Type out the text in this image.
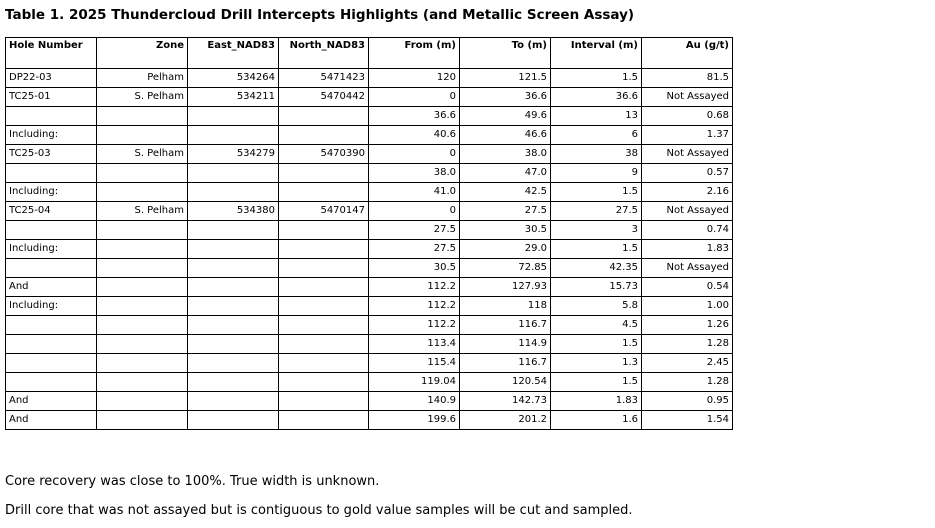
Table 1. 2025 Thundercloud Drill Intercepts Highlights (and Metallic Screen Assay)
Hole Number	Zone	East_NAD83	North_NAD83	From (m)	To (m)	Interval (m)	Au (g/t)
DP22-03	Pelham	534264	5471423	120	121.5	1.5	81.5
TC25-01	S. Pelham	534211	5470442	0	36.6	36.6	Not Assayed
				36.6	49.6	13	0.68
Including:				40.6	46.6	6	1.37
TC25-03	S. Pelham	534279	5470390	0	38.0	38	Not Assayed
				38.0	47.0	9	0.57
Including:				41.0	42.5	1.5	2.16
TC25-04	S. Pelham	534380	5470147	0	27.5	27.5	Not Assayed
				27.5	30.5	3	0.74
Including:				27.5	29.0	1.5	1.83
				30.5	72.85	42.35	Not Assayed
And				112.2	127.93	15.73	0.54
Including:				112.2	118	5.8	1.00
				112.2	116.7	4.5	1.26
				113.4	114.9	1.5	1.28
				115.4	116.7	1.3	2.45
				119.04	120.54	1.5	1.28
And				140.9	142.73	1.83	0.95
And				199.6	201.2	1.6	1.54
Core recovery was close to 100%. True width is unknown.
Drill core that was not assayed but is contiguous to gold value samples will be cut and sampled.
